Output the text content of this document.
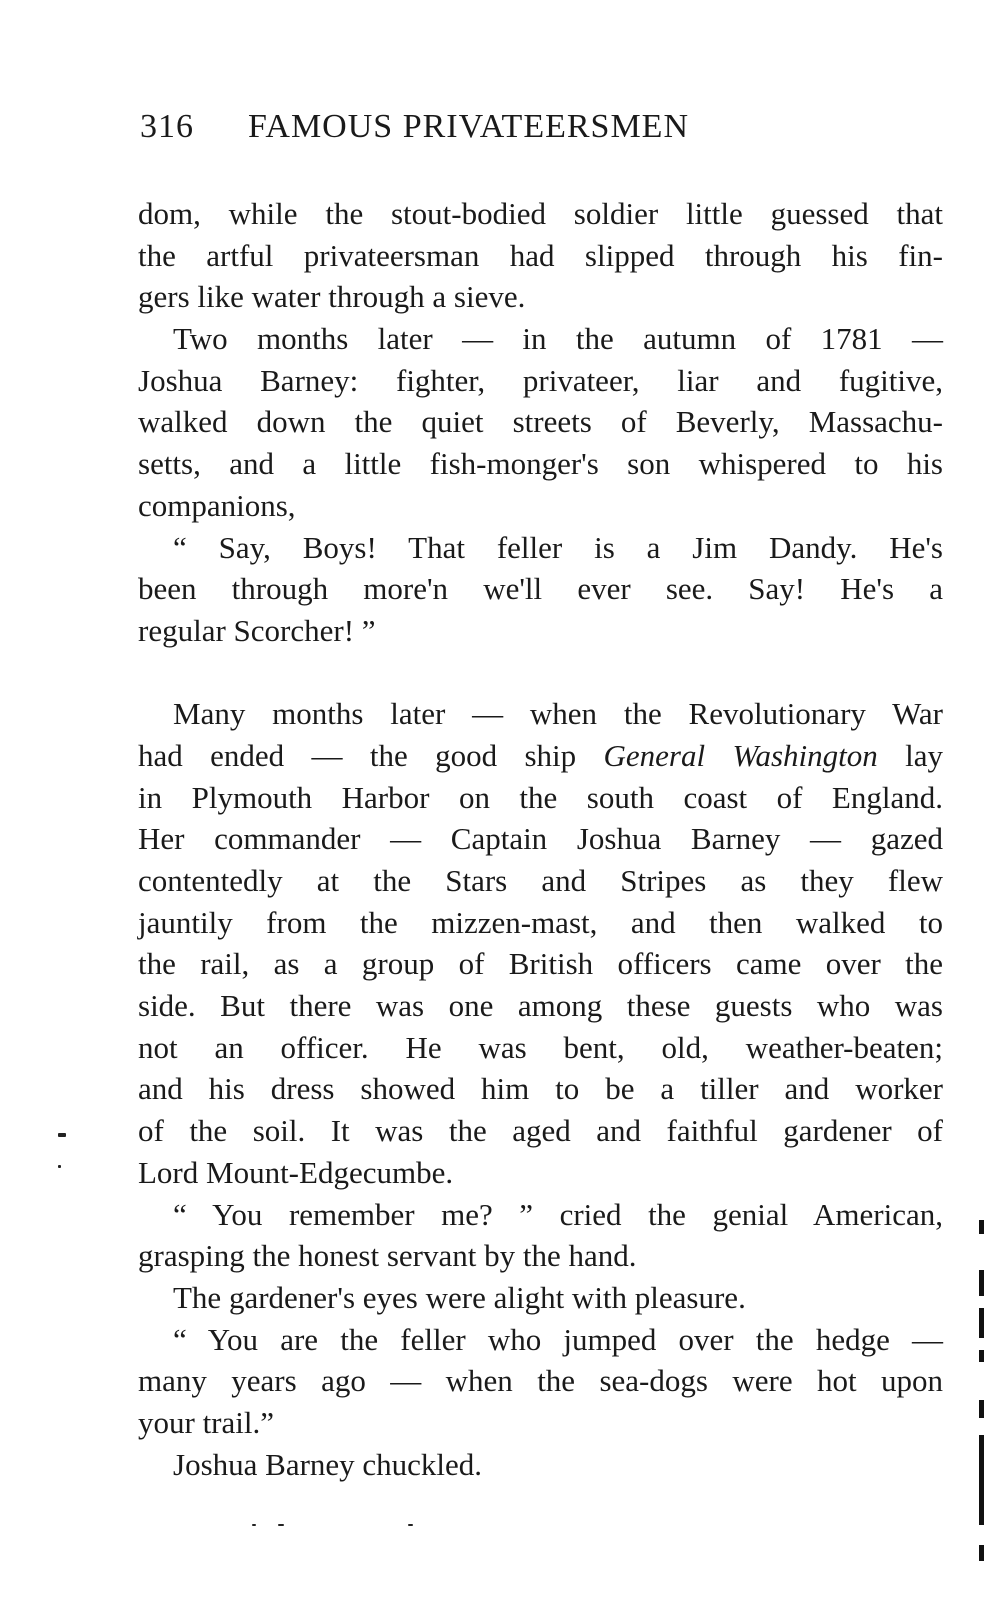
316 FAMOUS PRIVATEERSMEN
dom, while the stout-bodied soldier little guessed that
the artful privateersman had slipped through his fin-
gers like water through a sieve.
Two months later — in the autumn of 1781 —
Joshua Barney: fighter, privateer, liar and fugitive,
walked down the quiet streets of Beverly, Massachu-
setts, and a little fish-monger's son whispered to his
companions,
“ Say, Boys! That feller is a Jim Dandy. He's
been through more'n we'll ever see. Say! He's a
regular Scorcher! ”
Many months later — when the Revolutionary War
had ended — the good ship General Washington lay
in Plymouth Harbor on the south coast of England.
Her commander — Captain Joshua Barney — gazed
contentedly at the Stars and Stripes as they flew
jauntily from the mizzen-mast, and then walked to
the rail, as a group of British officers came over the
side. But there was one among these guests who was
not an officer. He was bent, old, weather-beaten;
and his dress showed him to be a tiller and worker
of the soil. It was the aged and faithful gardener of
Lord Mount-Edgecumbe.
“ You remember me? ” cried the genial American,
grasping the honest servant by the hand.
The gardener's eyes were alight with pleasure.
“ You are the feller who jumped over the hedge —
many years ago — when the sea-dogs were hot upon
your trail.”
Joshua Barney chuckled.
